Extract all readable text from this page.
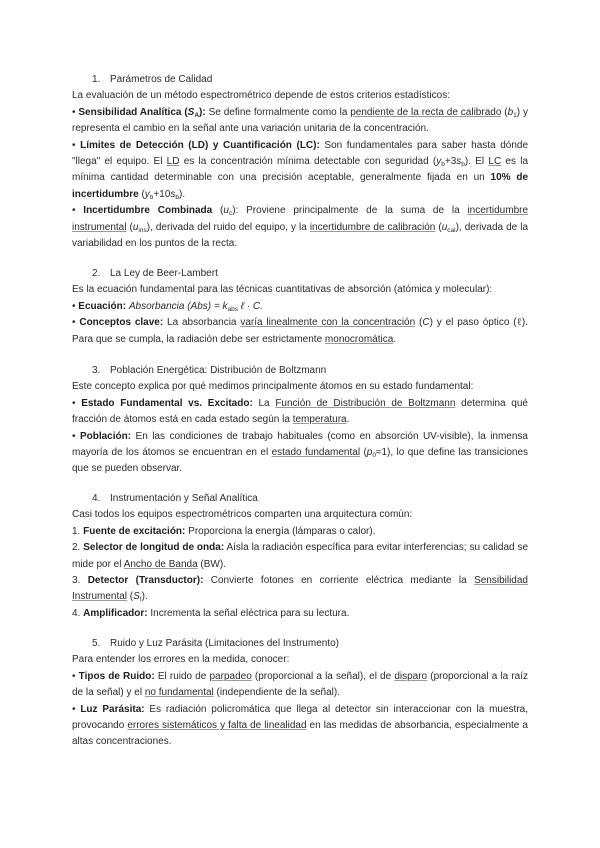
1. Parámetros de Calidad

La evaluación de un método espectrométrico depende de estos criterios estadísticos:

• Sensibilidad Analítica $(S_A)$: Se define formalmente como la pendiente de la recta de calibrado $(b_1)$ y representa el cambio en la señal ante una variación unitaria de la concentración.

• Límites de Detección (LD) y Cuantificación (LC): Son fundamentales para saber hasta dónde "llega" el equipo. El LD es la concentración mínima detectable con seguridad $(y_b+3s_b)$. El LC es la mínima cantidad determinable con una precisión aceptable, generalmente fijada en un 10% de incertidumbre $(y_b+10s_b)$.

• Incertidumbre Combinada $(u_c)$: Proviene principalmente de la suma de la incertidumbre instrumental $(u_{ins})$, derivada del ruido del equipo, y la incertidumbre de calibración $(u_{cal})$, derivada de la variabilidad en los puntos de la recta.

2. La Ley de Beer-Lambert

Es la ecuación fundamental para las técnicas cuantitativas de absorción (atómica y molecular):

• Ecuación: Absorbancia $(Abs) = k_{abs}$ ℓ · C.

• Conceptos clave: La absorbancia varía linealmente con la concentración (C) y el paso óptico (ℓ). Para que se cumpla, la radiación debe ser estrictamente monocromática.

3. Población Energética: Distribución de Boltzmann

Este concepto explica por qué medimos principalmente átomos en su estado fundamental:

• Estado Fundamental vs. Excitado: La Función de Distribución de Boltzmann determina qué fracción de átomos está en cada estado según la temperatura.

• Población: En las condiciones de trabajo habituales (como en absorción UV-visible), la inmensa mayoría de los átomos se encuentran en el estado fundamental $(p_0\approx 1)$, lo que define las transiciones que se pueden observar.

4. Instrumentación y Señal Analítica

Casi todos los equipos espectrométricos comparten una arquitectura común:

1. Fuente de excitación: Proporciona la energía (lámparas o calor).

2. Selector de longitud de onda: Aísla la radiación específica para evitar interferencias; su calidad se mide por el Ancho de Banda (BW).

3. Detector (Transductor): Convierte fotones en corriente eléctrica mediante la Sensibilidad Instrumental $(S_I)$.

4. Amplificador: Incrementa la señal eléctrica para su lectura.

5. Ruido y Luz Parásita (Limitaciones del Instrumento)

Para entender los errores en la medida, conocer:

• Tipos de Ruido: El ruido de parpadeo (proporcional a la señal), el de disparo (proporcional a la raíz de la señal) y el no fundamental (independiente de la señal).

• Luz Parásita: Es radiación policromática que llega al detector sin interaccionar con la muestra, provocando errores sistemáticos y falta de linealidad en las medidas de absorbancia, especialmente a altas concentraciones.
